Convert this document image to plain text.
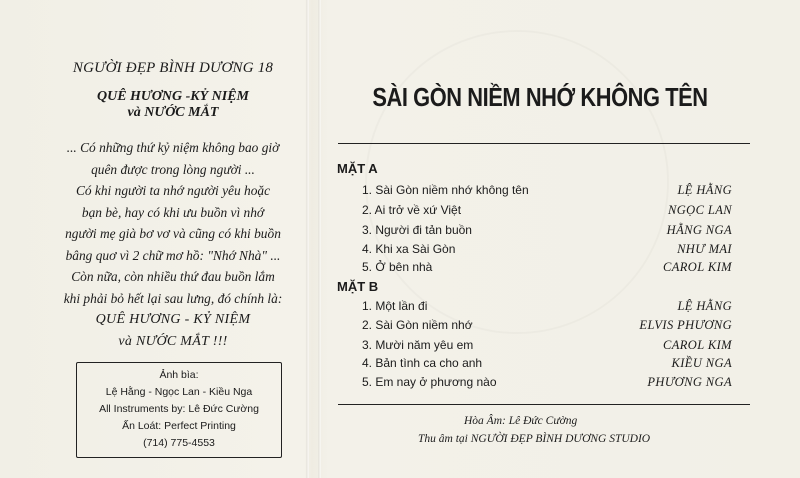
NGƯỜI ĐẸP BÌNH DƯƠNG 18
QUÊ HƯƠNG -KỶ NIỆM
và NƯỚC MẮT
... Có những thứ kỷ niệm không bao giờ
quên được trong lòng người ...
Có khi người ta nhớ người yêu hoặc
bạn bè, hay có khi ưu buồn vì nhớ
người mẹ già bơ vơ và cũng có khi buồn
bâng quơ vì 2 chữ mơ hồ: "Nhớ Nhà" ...
Còn nữa, còn nhiều thứ đau buồn lắm
khi phải bỏ hết lại sau lưng, đó chính là:
QUÊ HƯƠNG - KỶ NIỆM
và NƯỚC MẮT !!!
Ảnh bìa:
Lệ Hằng - Ngọc Lan - Kiều Nga
All Instruments by: Lê Đức Cường
Ấn Loát: Perfect Printing
(714) 775-4553
SÀI GÒN NIỀM NHỚ KHÔNG TÊN
MẶT A
1. Sài Gòn niềm nhớ không tên	LỆ HẰNG
2. Ai trở về xứ Việt	NGỌC LAN
3. Người đi tản buồn	HẰNG NGA
4. Khi xa Sài Gòn	NHƯ MAI
5. Ở bên nhà	CAROL KIM
MẶT B
1. Một lần đi	LỆ HẰNG
2. Sài Gòn niềm nhớ	ELVIS PHƯƠNG
3. Mười năm yêu em	CAROL KIM
4. Bản tình ca cho anh	KIỀU NGA
5. Em nay ở phương nào	PHƯƠNG NGA
Hòa Âm: Lê Đức Cường
Thu âm tại NGƯỜI ĐẸP BÌNH DƯƠNG STUDIO
